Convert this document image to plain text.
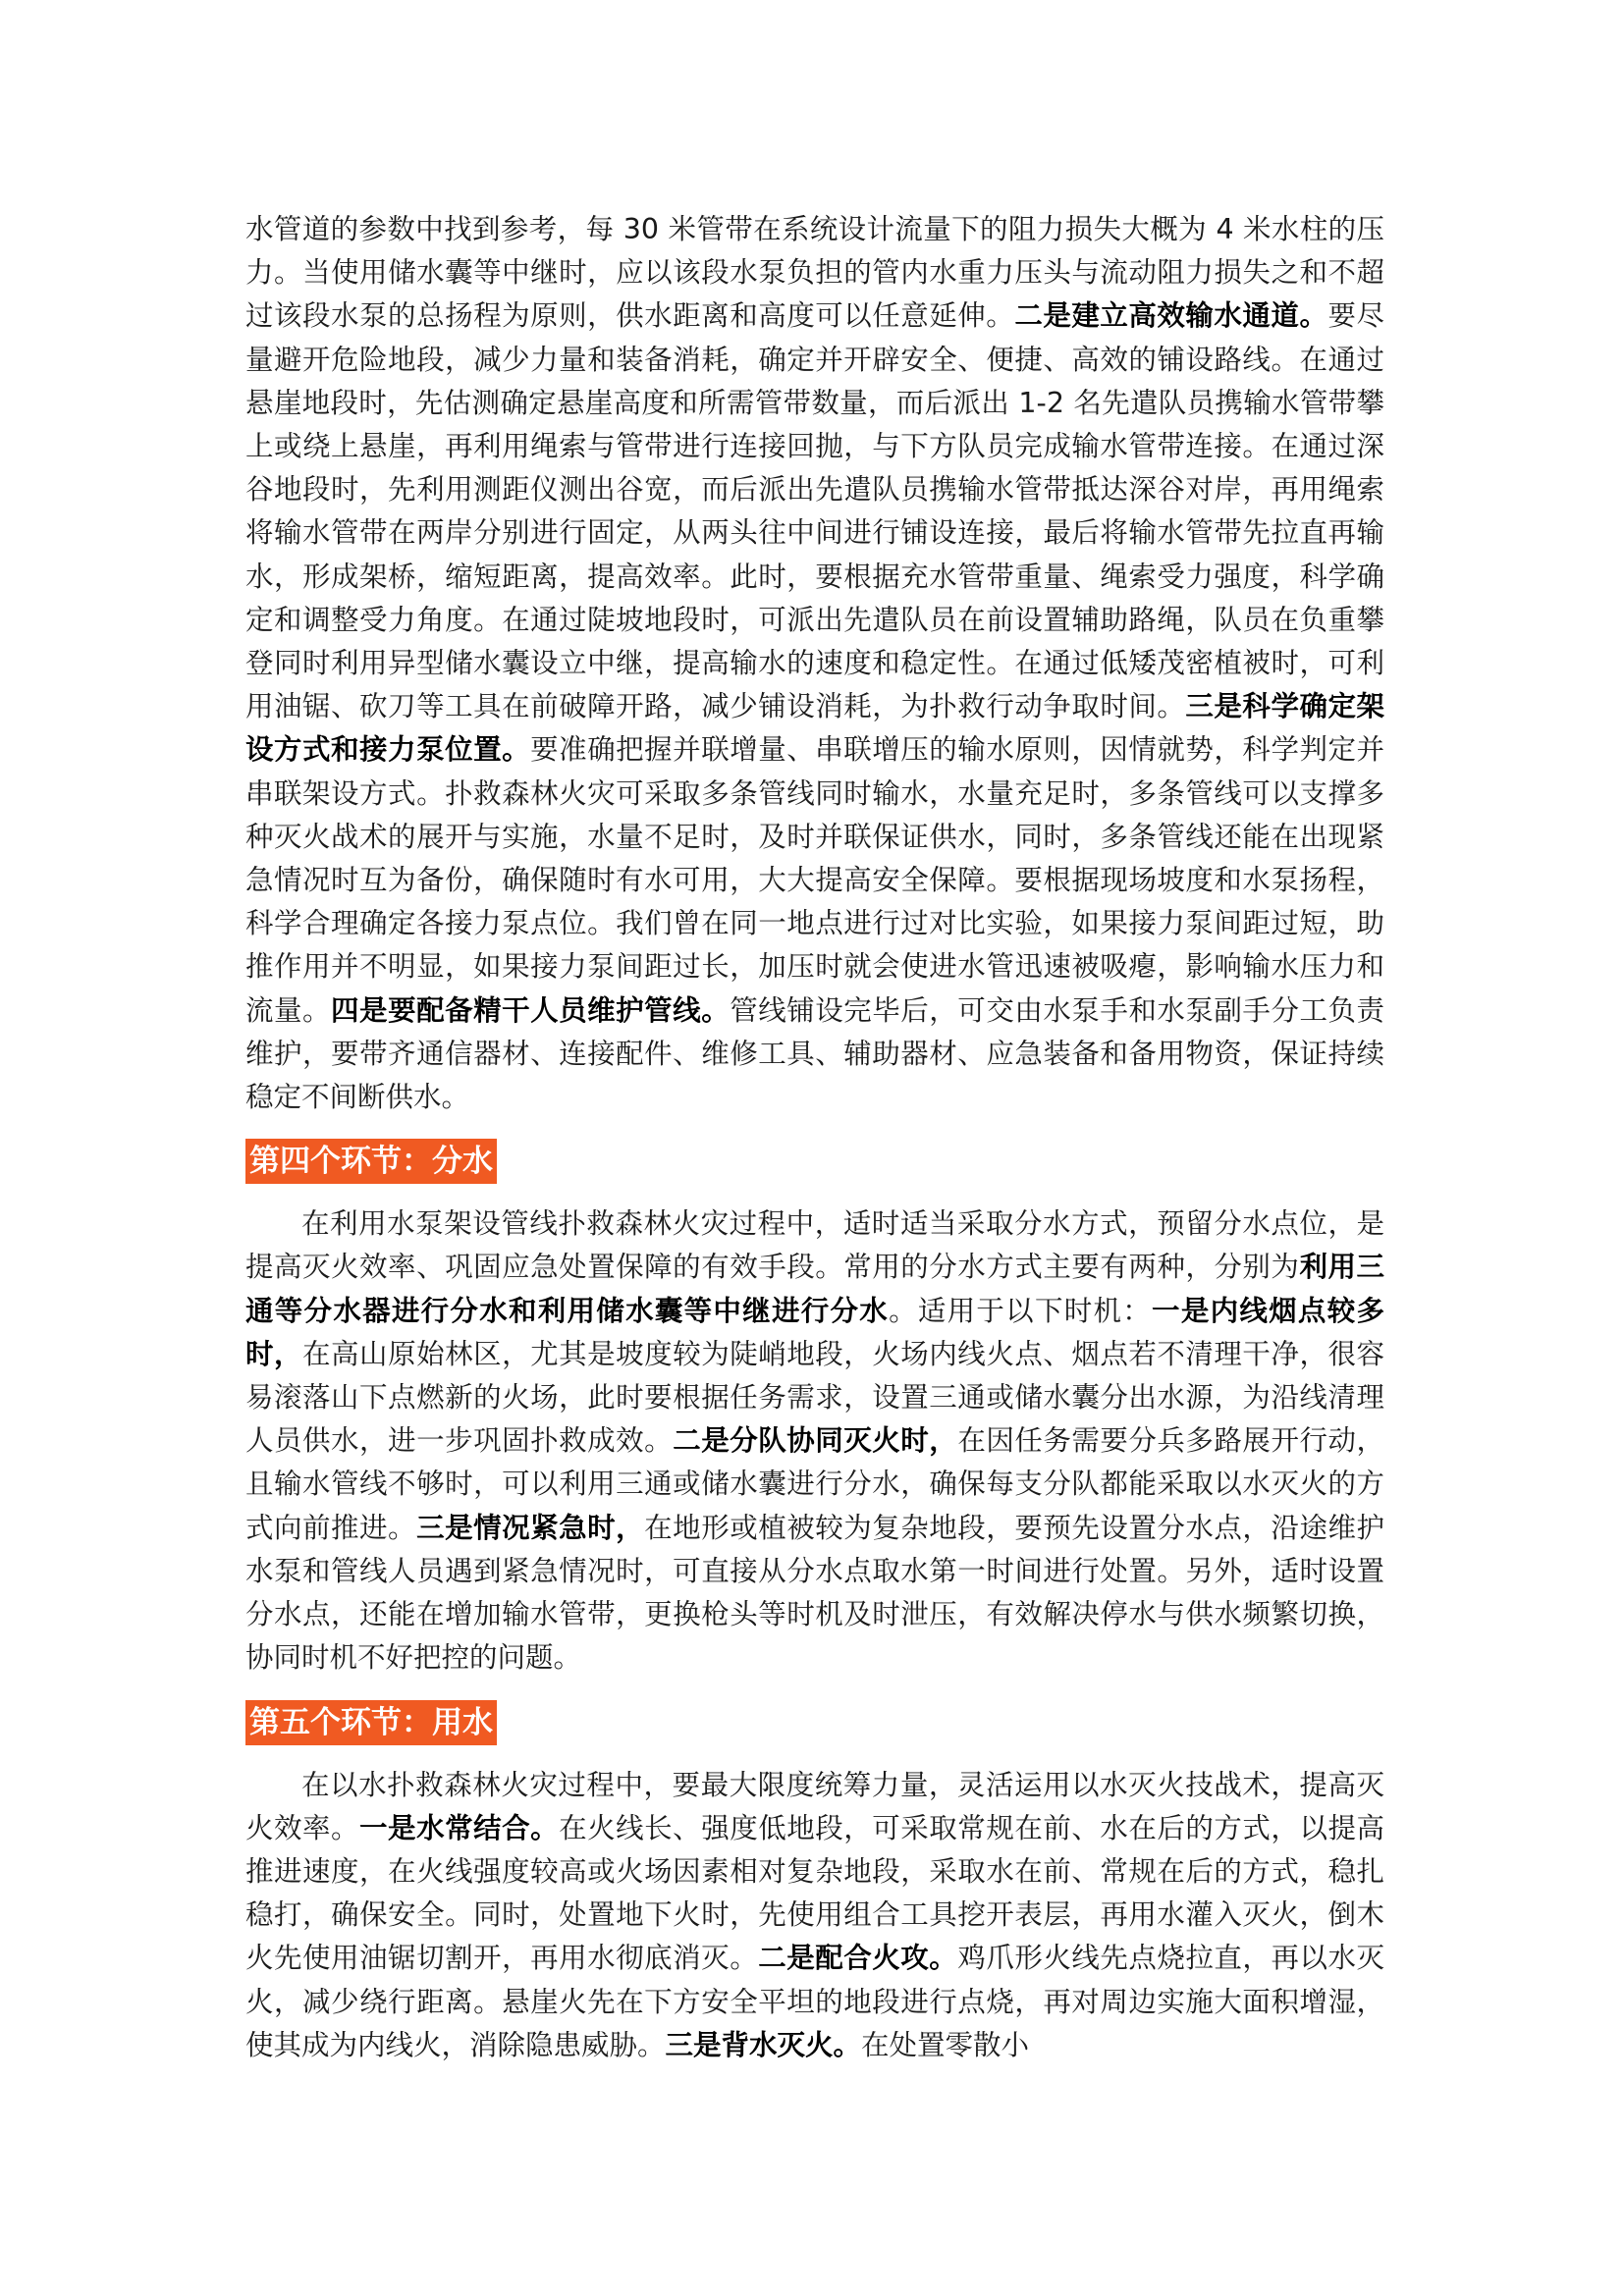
水管道的参数中找到参考，每 30 米管带在系统设计流量下的阻力损失大概为 4 米水柱的压力。当使用储水囊等中继时，应以该段水泵负担的管内水重力压头与流动阻力损失之和不超过该段水泵的总扬程为原则，供水距离和高度可以任意延伸。二是建立高效输水通道。要尽量避开危险地段，减少力量和装备消耗，确定并开辟安全、便捷、高效的铺设路线。在通过悬崖地段时，先估测确定悬崖高度和所需管带数量，而后派出 1-2 名先遣队员携输水管带攀上或绕上悬崖，再利用绳索与管带进行连接回抛，与下方队员完成输水管带连接。在通过深谷地段时，先利用测距仪测出谷宽，而后派出先遣队员携输水管带抵达深谷对岸，再用绳索将输水管带在两岸分别进行固定，从两头往中间进行铺设连接，最后将输水管带先拉直再输水，形成架桥，缩短距离，提高效率。此时，要根据充水管带重量、绳索受力强度，科学确定和调整受力角度。在通过陡坡地段时，可派出先遣队员在前设置辅助路绳，队员在负重攀登同时利用异型储水囊设立中继，提高输水的速度和稳定性。在通过低矮茂密植被时，可利用油锯、砍刀等工具在前破障开路，减少铺设消耗，为扑救行动争取时间。三是科学确定架设方式和接力泵位置。要准确把握并联增量、串联增压的输水原则，因情就势，科学判定并串联架设方式。扑救森林火灾可采取多条管线同时输水，水量充足时，多条管线可以支撑多种灭火战术的展开与实施，水量不足时，及时并联保证供水，同时，多条管线还能在出现紧急情况时互为备份，确保随时有水可用，大大提高安全保障。要根据现场坡度和水泵扬程，科学合理确定各接力泵点位。我们曾在同一地点进行过对比实验，如果接力泵间距过短，助推作用并不明显，如果接力泵间距过长，加压时就会使进水管迅速被吸瘪，影响输水压力和流量。四是要配备精干人员维护管线。管线铺设完毕后，可交由水泵手和水泵副手分工负责维护，要带齐通信器材、连接配件、维修工具、辅助器材、应急装备和备用物资，保证持续稳定不间断供水。

第四个环节：分水

在利用水泵架设管线扑救森林火灾过程中，适时适当采取分水方式，预留分水点位，是提高灭火效率、巩固应急处置保障的有效手段。常用的分水方式主要有两种，分别为利用三通等分水器进行分水和利用储水囊等中继进行分水。适用于以下时机：一是内线烟点较多时，在高山原始林区，尤其是坡度较为陡峭地段，火场内线火点、烟点若不清理干净，很容易滚落山下点燃新的火场，此时要根据任务需求，设置三通或储水囊分出水源，为沿线清理人员供水，进一步巩固扑救成效。二是分队协同灭火时，在因任务需要分兵多路展开行动，且输水管线不够时，可以利用三通或储水囊进行分水，确保每支分队都能采取以水灭火的方式向前推进。三是情况紧急时，在地形或植被较为复杂地段，要预先设置分水点，沿途维护水泵和管线人员遇到紧急情况时，可直接从分水点取水第一时间进行处置。另外，适时设置分水点，还能在增加输水管带，更换枪头等时机及时泄压，有效解决停水与供水频繁切换，协同时机不好把控的问题。

第五个环节：用水

在以水扑救森林火灾过程中，要最大限度统筹力量，灵活运用以水灭火技战术，提高灭火效率。一是水常结合。在火线长、强度低地段，可采取常规在前、水在后的方式，以提高推进速度，在火线强度较高或火场因素相对复杂地段，采取水在前、常规在后的方式，稳扎稳打，确保安全。同时，处置地下火时，先使用组合工具挖开表层，再用水灌入灭火，倒木火先使用油锯切割开，再用水彻底消灭。二是配合火攻。鸡爪形火线先点烧拉直，再以水灭火，减少绕行距离。悬崖火先在下方安全平坦的地段进行点烧，再对周边实施大面积增湿，使其成为内线火，消除隐患威胁。三是背水灭火。在处置零散小
